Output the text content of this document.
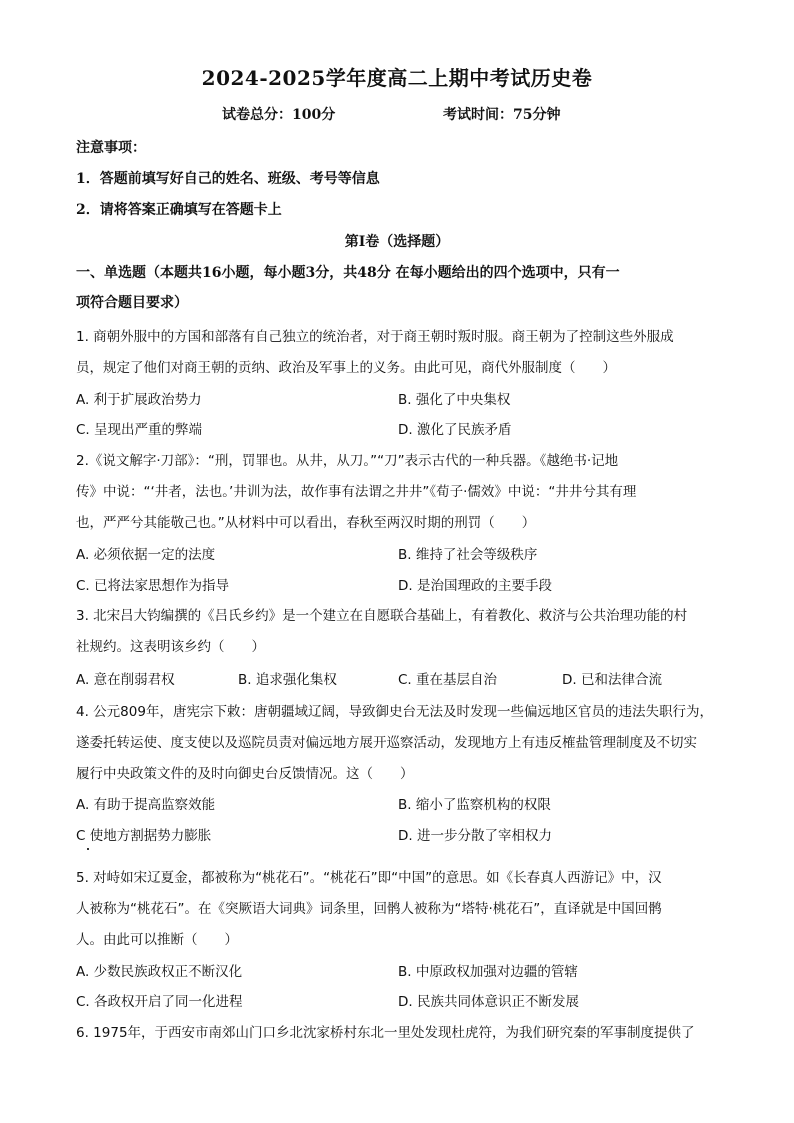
2024-2025学年度高二上期中考试历史卷
试卷总分：100分	考试时间：75分钟
注意事项：
1．答题前填写好自己的姓名、班级、考号等信息
2．请将答案正确填写在答题卡上
第I卷（选择题）
一、单选题（本题共16小题，每小题3分，共48分 在每小题给出的四个选项中，只有一
项符合题目要求）
1. 商朝外服中的方国和部落有自己独立的统治者，对于商王朝时叛时服。商王朝为了控制这些外服成
员，规定了他们对商王朝的贡纳、政治及军事上的义务。由此可见，商代外服制度（　　）
A. 利于扩展政治势力	B. 强化了中央集权
C. 呈现出严重的弊端	D. 激化了民族矛盾
2.《说文解字·刀部》：“刑，罚罪也。从井，从刀。”“刀”表示古代的一种兵器。《越绝书·记地
传》中说：“‘井者，法也。’井训为法，故作事有法谓之井井”《荀子·儒效》中说：“井井兮其有理
也，严严兮其能敬己也。”从材料中可以看出，春秋至两汉时期的刑罚（　　）
A. 必须依据一定的法度	B. 维持了社会等级秩序
C. 已将法家思想作为指导	D. 是治国理政的主要手段
3. 北宋吕大钧编撰的《吕氏乡约》是一个建立在自愿联合基础上，有着教化、救济与公共治理功能的村
社规约。这表明该乡约（　　）
A. 意在削弱君权	B. 追求强化集权	C. 重在基层自治	D. 已和法律合流
4. 公元809年，唐宪宗下敕：唐朝疆域辽阔，导致御史台无法及时发现一些偏远地区官员的违法失职行为，
遂委托转运使、度支使以及巡院员责对偏远地方展开巡察活动，发现地方上有违反榷盐管理制度及不切实
履行中央政策文件的及时向御史台反馈情况。这（　　）
A. 有助于提高监察效能	B. 缩小了监察机构的权限
C 使地方割据势力膨胀	D. 进一步分散了宰相权力
5. 对峙如宋辽夏金，都被称为“桃花石”。“桃花石”即“中国”的意思。如《长春真人西游记》中，汉
人被称为“桃花石”。在《突厥语大词典》词条里，回鹘人被称为“塔特·桃花石”，直译就是中国回鹘
人。由此可以推断（　　）
A. 少数民族政权正不断汉化	B. 中原政权加强对边疆的管辖
C. 各政权开启了同一化进程	D. 民族共同体意识正不断发展
6. 1975年，于西安市南郊山门口乡北沈家桥村东北一里处发现杜虎符，为我们研究秦的军事制度提供了
